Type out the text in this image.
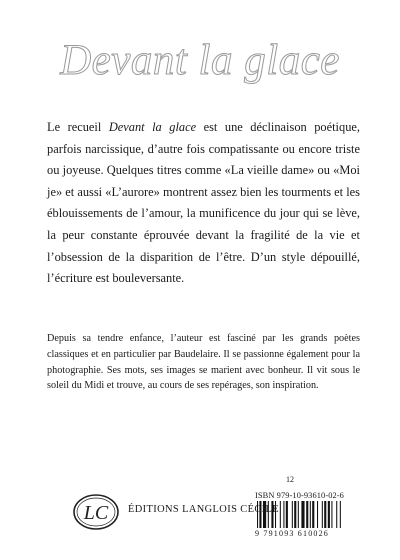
Devant la glace

Le recueil Devant la glace est une déclinaison poétique, parfois narcissique, d’autre fois compatissante ou encore triste ou joyeuse. Quelques titres comme «La vieille dame» ou «Moi je» et aussi «L’aurore» montrent assez bien les tourments et les éblouissements de l’amour, la munificence du jour qui se lève, la peur constante éprouvée devant la fragilité de la vie et l’obsession de la disparition de l’être. D’un style dépouillé, l’écriture est bouleversante.

Depuis sa tendre enfance, l’auteur est fasciné par les grands poètes classiques et en particulier par Baudelaire. Il se passionne également pour la photographie. Ses mots, ses images se marient avec bonheur. Il vit sous le soleil du Midi et trouve, au cours de ses repérages, son inspiration.

12
ISBN 979-10-93610-02-6
9 791093 610026
LC ÉDITIONS LANGLOIS CÉCILE
